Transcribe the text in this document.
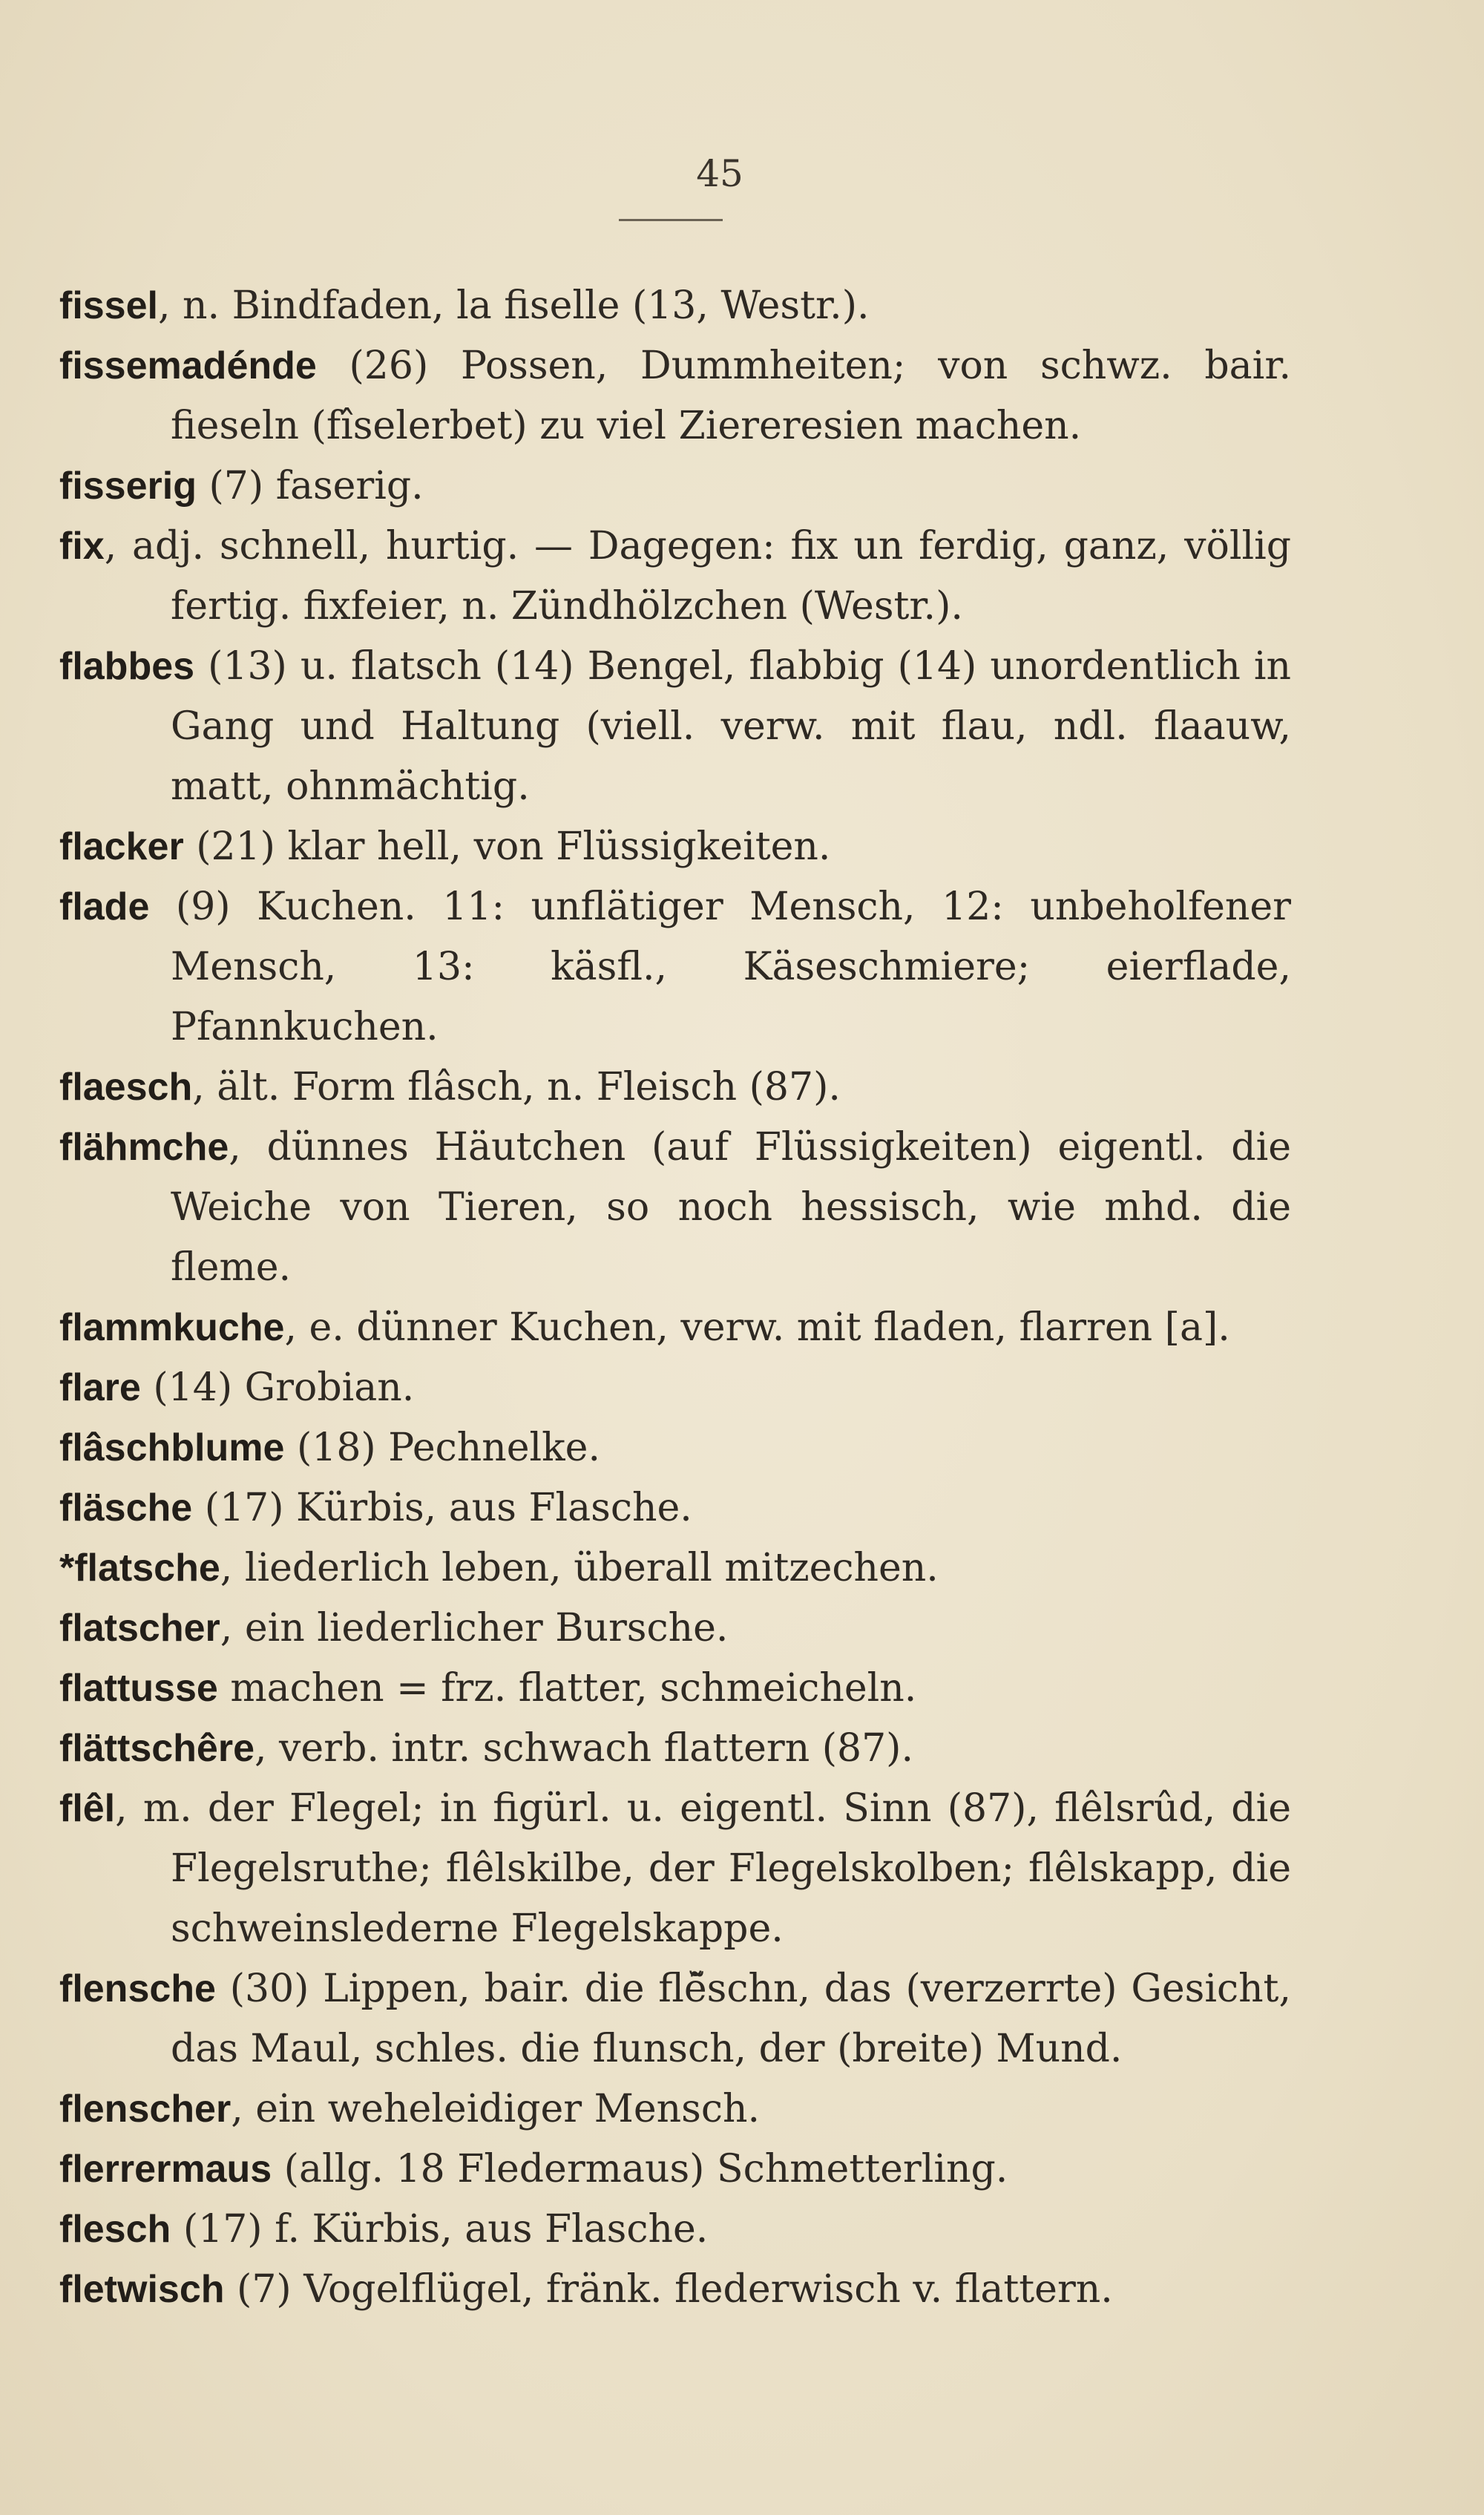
45
fissel, n. Bindfaden, la fiselle (13, Westr.).
fissemadénde (26) Possen, Dummheiten; von schwz. bair. fieseln (fîselerbet) zu viel Ziereresien machen.
fisserig (7) faserig.
fix, adj. schnell, hurtig. — Dagegen: fix un ferdig, ganz, völlig fertig. fixfeier, n. Zündhölzchen (Westr.).
flabbes (13) u. flatsch (14) Bengel, flabbig (14) unordentlich in Gang und Haltung (viell. verw. mit flau, ndl. flaauw, matt, ohnmächtig.
flacker (21) klar hell, von Flüssigkeiten.
flade (9) Kuchen. 11: unflätiger Mensch, 12: unbeholfener Mensch, 13: käsfl., Käseschmiere; eierflade, Pfannkuchen.
flaesch, ält. Form flâsch, n. Fleisch (87).
flähmche, dünnes Häutchen (auf Flüssigkeiten) eigentl. die Weiche von Tieren, so noch hessisch, wie mhd. die fleme.
flammkuche, e. dünner Kuchen, verw. mit fladen, flarren [a].
flare (14) Grobian.
flâschblume (18) Pechnelke.
fläsche (17) Kürbis, aus Flasche.
*flatsche, liederlich leben, überall mitzechen.
flatscher, ein liederlicher Bursche.
flattusse machen = frz. flatter, schmeicheln.
flättschêre, verb. intr. schwach flattern (87).
flêl, m. der Flegel; in figürl. u. eigentl. Sinn (87), flêlsrûd, die Flegelsruthe; flêlskilbe, der Flegelskolben; flêlskapp, die schweinslederne Flegelskappe.
flensche (30) Lippen, bair. die flĕ̃schn, das (verzerrte) Gesicht, das Maul, schles. die flunsch, der (breite) Mund.
flenscher, ein weheleidiger Mensch.
flerrermaus (allg. 18 Fledermaus) Schmetterling.
flesch (17) f. Kürbis, aus Flasche.
fletwisch (7) Vogelflügel, fränk. flederwisch v. flattern.
